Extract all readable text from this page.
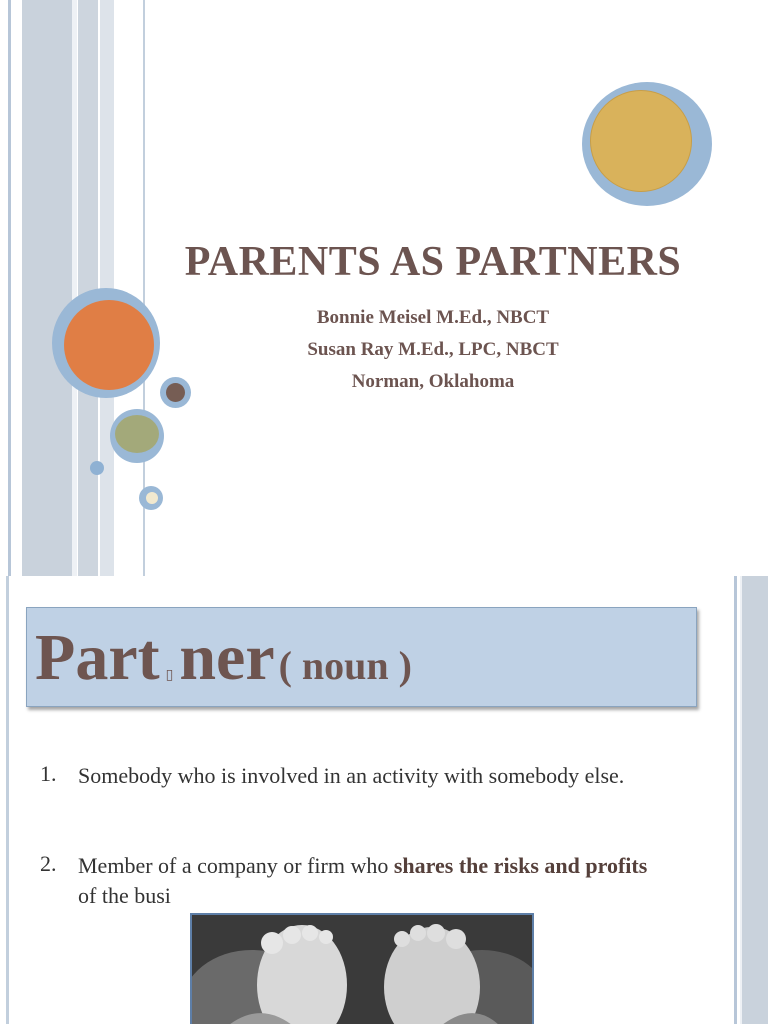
PARENTS AS PARTNERS

Bonnie Meisel M.Ed., NBCT

Susan Ray M.Ed., LPC, NBCT

Norman, Oklahoma

Part ▯ner ( noun )

1. Somebody who is involved in an activity with somebody else.
2. Member of a company or firm who shares the risks and profits
of the busi
